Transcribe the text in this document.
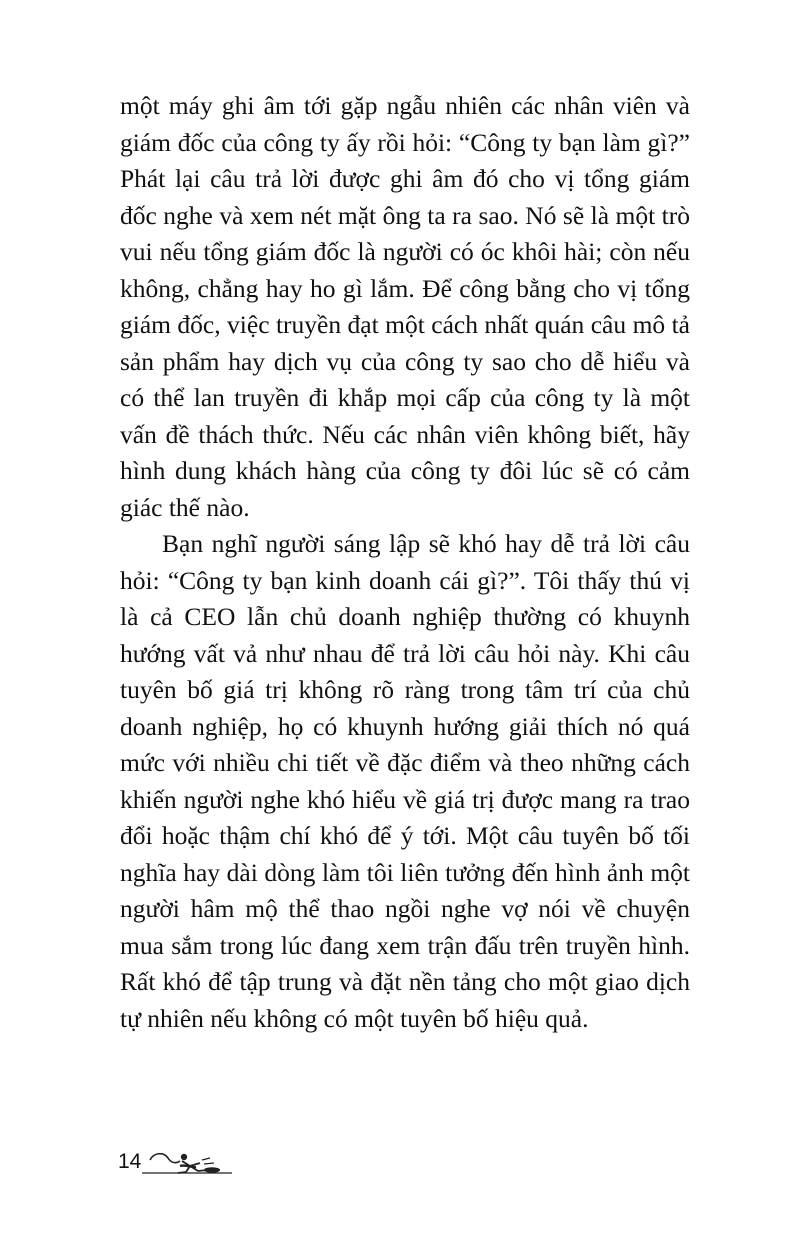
một máy ghi âm tới gặp ngẫu nhiên các nhân viên và giám đốc của công ty ấy rồi hỏi: “Công ty bạn làm gì?” Phát lại câu trả lời được ghi âm đó cho vị tổng giám đốc nghe và xem nét mặt ông ta ra sao. Nó sẽ là một trò vui nếu tổng giám đốc là người có óc khôi hài; còn nếu không, chẳng hay ho gì lắm. Để công bằng cho vị tổng giám đốc, việc truyền đạt một cách nhất quán câu mô tả sản phẩm hay dịch vụ của công ty sao cho dễ hiểu và có thể lan truyền đi khắp mọi cấp của công ty là một vấn đề thách thức. Nếu các nhân viên không biết, hãy hình dung khách hàng của công ty đôi lúc sẽ có cảm giác thế nào.

Bạn nghĩ người sáng lập sẽ khó hay dễ trả lời câu hỏi: “Công ty bạn kinh doanh cái gì?”. Tôi thấy thú vị là cả CEO lẫn chủ doanh nghiệp thường có khuynh hướng vất vả như nhau để trả lời câu hỏi này. Khi câu tuyên bố giá trị không rõ ràng trong tâm trí của chủ doanh nghiệp, họ có khuynh hướng giải thích nó quá mức với nhiều chi tiết về đặc điểm và theo những cách khiến người nghe khó hiểu về giá trị được mang ra trao đổi hoặc thậm chí khó để ý tới. Một câu tuyên bố tối nghĩa hay dài dòng làm tôi liên tưởng đến hình ảnh một người hâm mộ thể thao ngồi nghe vợ nói về chuyện mua sắm trong lúc đang xem trận đấu trên truyền hình. Rất khó để tập trung và đặt nền tảng cho một giao dịch tự nhiên nếu không có một tuyên bố hiệu quả.

14
